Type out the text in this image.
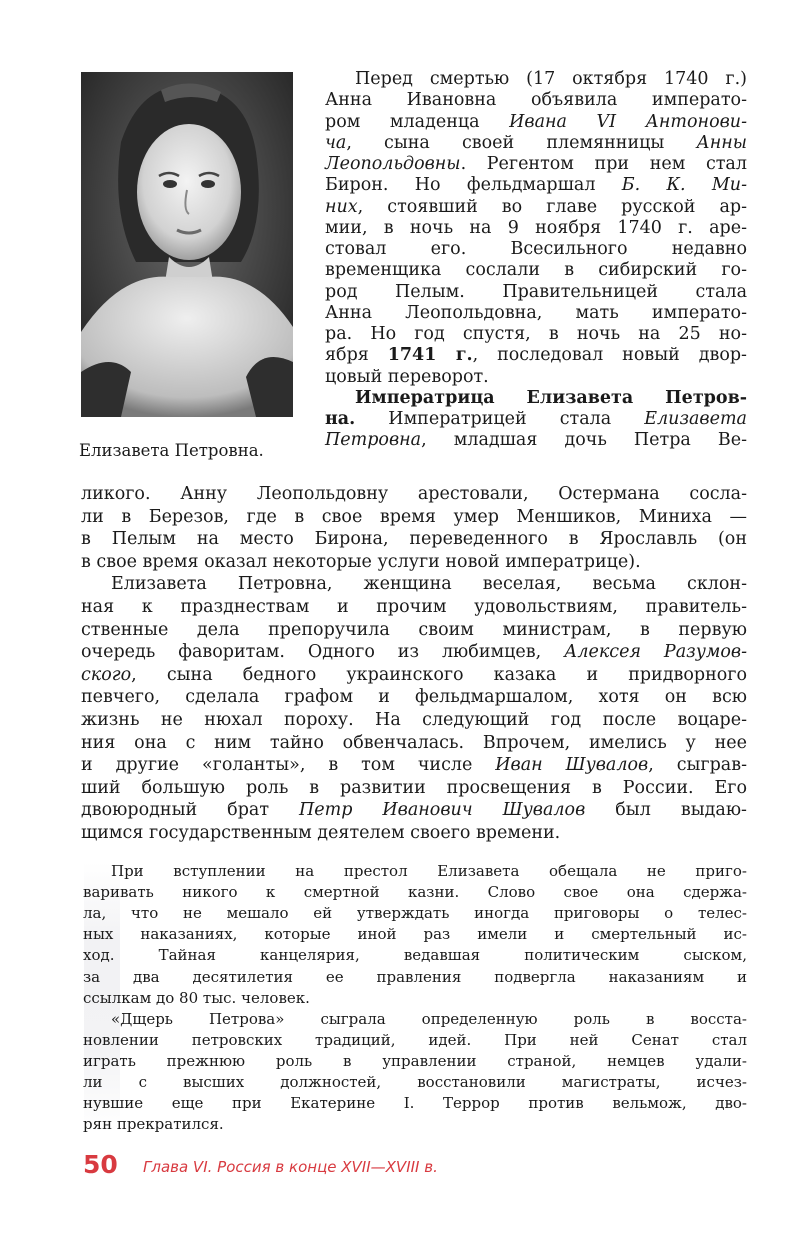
Елизавета Петровна.
Перед смертью (17 октября 1740 г.)
Анна Ивановна объявила императо-
ром младенца Ивана VI Антонови-
ча, сына своей племянницы Анны
Леопольдовны. Регентом при нем стал
Бирон. Но фельдмаршал Б. К. Ми-
них, стоявший во главе русской ар-
мии, в ночь на 9 ноября 1740 г. аре-
стовал его. Всесильного недавно
временщика сослали в сибирский го-
род Пелым. Правительницей стала
Анна Леопольдовна, мать императо-
ра. Но год спустя, в ночь на 25 но-
ября 1741 г., последовал новый двор-
цовый переворот.
Императрица Елизавета Петров-
на. Императрицей стала Елизавета
Петровна, младшая дочь Петра Ве-
ликого. Анну Леопольдовну арестовали, Остермана сосла-
ли в Березов, где в свое время умер Меншиков, Миниха —
в Пелым на место Бирона, переведенного в Ярославль (он
в свое время оказал некоторые услуги новой императрице).
Елизавета Петровна, женщина веселая, весьма склон-
ная к празднествам и прочим удовольствиям, правитель-
ственные дела препоручила своим министрам, в первую
очередь фаворитам. Одного из любимцев, Алексея Разумов-
ского, сына бедного украинского казака и придворного
певчего, сделала графом и фельдмаршалом, хотя он всю
жизнь не нюхал пороху. На следующий год после воцаре-
ния она с ним тайно обвенчалась. Впрочем, имелись у нее
и другие «голанты», в том числе Иван Шувалов, сыграв-
ший большую роль в развитии просвещения в России. Его
двоюродный брат Петр Иванович Шувалов был выдаю-
щимся государственным деятелем своего времени.
При вступлении на престол Елизавета обещала не приго-
варивать никого к смертной казни. Слово свое она сдержа-
ла, что не мешало ей утверждать иногда приговоры о телес-
ных наказаниях, которые иной раз имели и смертельный ис-
ход. Тайная канцелярия, ведавшая политическим сыском,
за два десятилетия ее правления подвергла наказаниям и
ссылкам до 80 тыс. человек.
«Дщерь Петрова» сыграла определенную роль в восста-
новлении петровских традиций, идей. При ней Сенат стал
играть прежнюю роль в управлении страной, немцев удали-
ли с высших должностей, восстановили магистраты, исчез-
нувшие еще при Екатерине I. Террор против вельмож, дво-
рян прекратился.
50 Глава VI. Россия в конце XVII—XVIII в.
